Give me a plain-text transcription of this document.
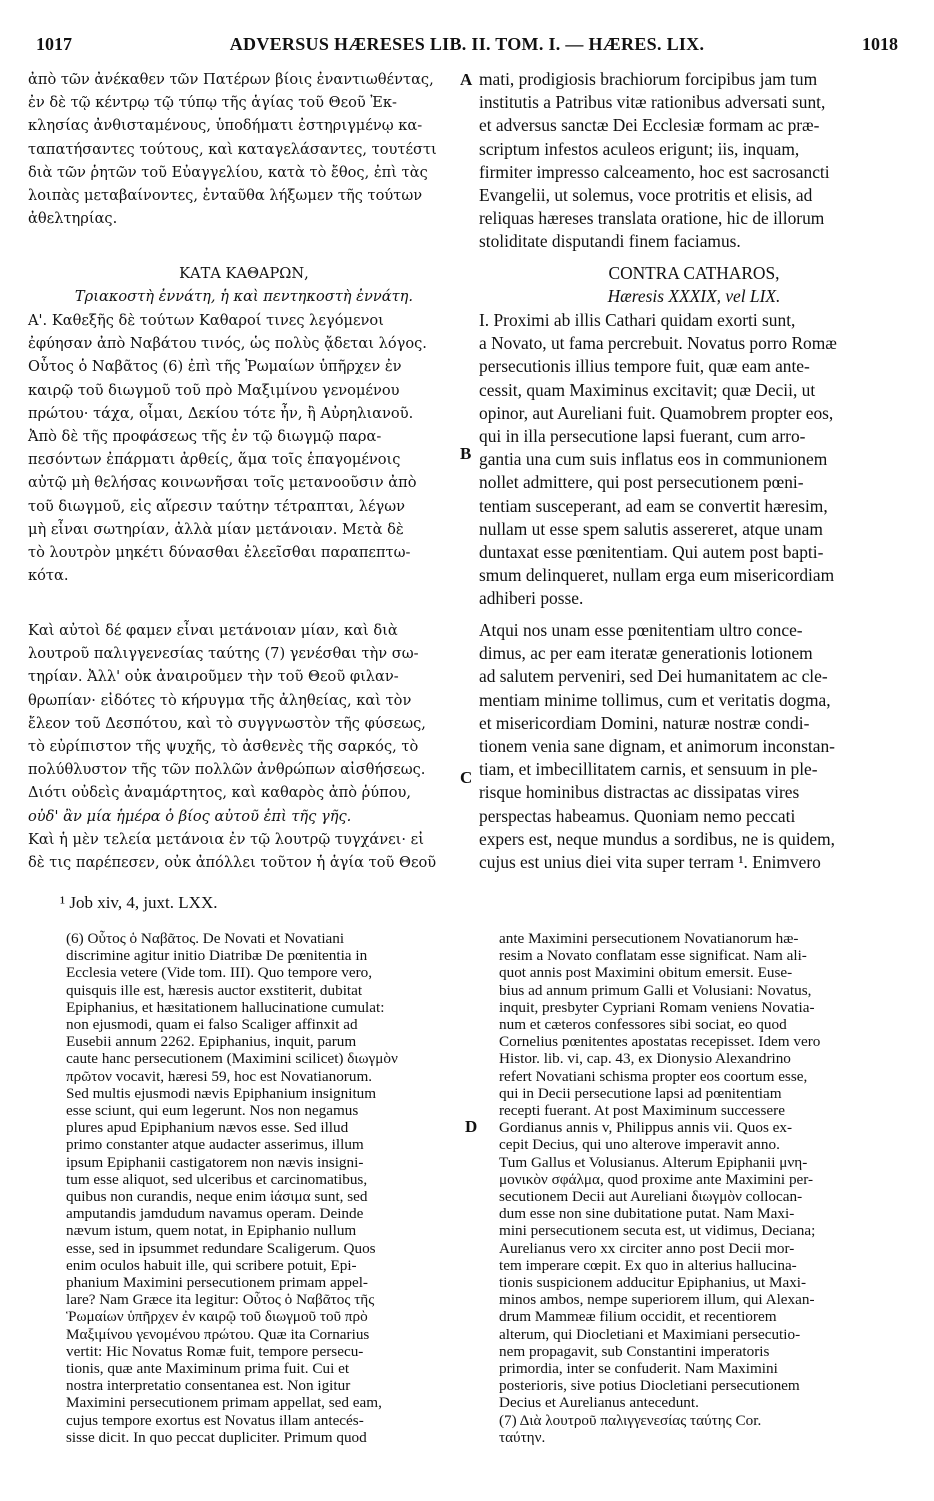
1017	ADVERSUS HÆRESES LIB. II. TOM. I. — HÆRES. LIX.	1018
A
B
C
D
ἀπὸ τῶν ἀνέκαθεν τῶν Πατέρων βίοις ἐναντιωθέντας,
ἐν δὲ τῷ κέντρῳ τῷ τύπῳ τῆς ἁγίας τοῦ Θεοῦ Ἐκ-
κλησίας ἀνθισταμένους, ὑποδήματι ἐστηριγμένῳ κα-
ταπατήσαντες τούτους, καὶ καταγελάσαντες, τουτέστι
διὰ τῶν ῥητῶν τοῦ Εὐαγγελίου, κατὰ τὸ ἔθος, ἐπὶ τὰς
λοιπὰς μεταβαίνοντες, ἐνταῦθα λήξωμεν τῆς τούτων
ἀθελτηρίας.
ΚΑΤΑ ΚΑΘΑΡΩΝ,
Τριακοστὴ ἐννάτη, ἡ καὶ πεντηκοστὴ ἐννάτη.
Α'. Καθεξῆς δὲ τούτων Καθαροί τινες λεγόμενοι
ἐφύησαν ἀπὸ Ναβάτου τινός, ὡς πολὺς ᾄδεται λόγος.
Οὗτος ὁ Ναβᾶτος (6) ἐπὶ τῆς Ῥωμαίων ὑπῆρχεν ἐν
καιρῷ τοῦ διωγμοῦ τοῦ πρὸ Μαξιμίνου γενομένου
πρώτου· τάχα, οἶμαι, Δεκίου τότε ἦν, ἢ Αὐρηλιανοῦ.
Ἀπὸ δὲ τῆς προφάσεως τῆς ἐν τῷ διωγμῷ παρα-
πεσόντων ἐπάρματι ἀρθείς, ἅμα τοῖς ἑπαγομένοις
αὐτῷ μὴ θελήσας κοινωνῆσαι τοῖς μετανοοῦσιν ἀπὸ
τοῦ διωγμοῦ, εἰς αἵρεσιν ταύτην τέτραπται, λέγων
μὴ εἶναι σωτηρίαν, ἀλλὰ μίαν μετάνοιαν. Μετὰ δὲ
τὸ λουτρὸν μηκέτι δύνασθαι ἐλεεῖσθαι παραπεπτω-
κότα.
Καὶ αὐτοὶ δέ φαμεν εἶναι μετάνοιαν μίαν, καὶ διὰ
λουτροῦ παλιγγενεσίας ταύτης (7) γενέσθαι τὴν σω-
τηρίαν. Ἀλλ' οὐκ ἀναιροῦμεν τὴν τοῦ Θεοῦ φιλαν-
θρωπίαν· εἰδότες τὸ κήρυγμα τῆς ἀληθείας, καὶ τὸν
ἔλεον τοῦ Δεσπότου, καὶ τὸ συγγνωστὸν τῆς φύσεως,
τὸ εὐρίπιστον τῆς ψυχῆς, τὸ ἀσθενὲς τῆς σαρκός, τὸ
πολύθλυστον τῆς τῶν πολλῶν ἀνθρώπων αἰσθήσεως.
Διότι οὐδεὶς ἀναμάρτητος, καὶ καθαρὸς ἀπὸ ῥύπου,
οὐδ' ἂν μία ἡμέρα ὁ βίος αὐτοῦ ἐπὶ τῆς γῆς.
Καὶ ἡ μὲν τελεία μετάνοια ἐν τῷ λουτρῷ τυγχάνει· εἰ
δὲ τις παρέπεσεν, οὐκ ἀπόλλει τοῦτον ἡ ἁγία τοῦ Θεοῦ
mati, prodigiosis brachiorum forcipibus jam tum
institutis a Patribus vitæ rationibus adversati sunt,
et adversus sanctæ Dei Ecclesiæ formam ac præ-
scriptum infestos aculeos erigunt; iis, inquam,
firmiter impresso calceamento, hoc est sacrosancti
Evangelii, ut solemus, voce protritis et elisis, ad
reliquas hæreses translata oratione, hic de illorum
stoliditate disputandi finem faciamus.
CONTRA CATHAROS,
Hæresis XXXIX, vel LIX.
I. Proximi ab illis Cathari quidam exorti sunt,
a Novato, ut fama percrebuit. Novatus porro Romæ
persecutionis illius tempore fuit, quæ eam ante-
cessit, quam Maximinus excitavit; quæ Decii, ut
opinor, aut Aureliani fuit. Quamobrem propter eos,
qui in illa persecutione lapsi fuerant, cum arro-
gantia una cum suis inflatus eos in communionem
nollet admittere, qui post persecutionem pœni-
tentiam susceperant, ad eam se convertit hæresim,
nullam ut esse spem salutis assereret, atque unam
duntaxat esse pœnitentiam. Qui autem post bapti-
smum delinqueret, nullam erga eum misericordiam
adhiberi posse.
Atqui nos unam esse pœnitentiam ultro conce-
dimus, ac per eam iteratæ generationis lotionem
ad salutem perveniri, sed Dei humanitatem ac cle-
mentiam minime tollimus, cum et veritatis dogma,
et misericordiam Domini, naturæ nostræ condi-
tionem venia sane dignam, et animorum inconstan-
tiam, et imbecillitatem carnis, et sensuum in ple-
risque hominibus distractas ac dissipatas vires
perspectas habeamus. Quoniam nemo peccati
expers est, neque mundus a sordibus, ne is quidem,
cujus est unius diei vita super terram ¹. Enimvero
¹ Job xiv, 4, juxt. LXX.
(6) Οὗτος ὁ Ναβᾶτος. De Novati et Novatiani
discrimine agitur initio Diatribæ De pœnitentia in
Ecclesia vetere (Vide tom. III). Quo tempore vero,
quisquis ille est, hæresis auctor exstiterit, dubitat
Epiphanius, et hæsitationem hallucinatione cumulat:
non ejusmodi, quam ei falso Scaliger affinxit ad
Eusebii annum 2262. Epiphanius, inquit, parum
caute hanc persecutionem (Maximini scilicet) διωγμὸν
πρῶτον vocavit, hæresi 59, hoc est Novatianorum.
Sed multis ejusmodi nævis Epiphanium insignitum
esse sciunt, qui eum legerunt. Nos non negamus
plures apud Epiphanium nævos esse. Sed illud
primo constanter atque audacter asserimus, illum
ipsum Epiphanii castigatorem non nævis insigni-
tum esse aliquot, sed ulceribus et carcinomatibus,
quibus non curandis, neque enim ἰάσιμα sunt, sed
amputandis jamdudum navamus operam. Deinde
nævum istum, quem notat, in Epiphanio nullum
esse, sed in ipsummet redundare Scaligerum. Quos
enim oculos habuit ille, qui scribere potuit, Epi-
phanium Maximini persecutionem primam appel-
lare? Nam Græce ita legitur: Οὗτος ὁ Ναβᾶτος τῆς
Ῥωμαίων ὑπῆρχεν ἐν καιρῷ τοῦ διωγμοῦ τοῦ πρὸ
Μαξιμίνου γενομένου πρώτου. Quæ ita Cornarius
vertit: Hic Novatus Romæ fuit, tempore persecu-
tionis, quæ ante Maximinum prima fuit. Cui et
nostra interpretatio consentanea est. Non igitur
Maximini persecutionem primam appellat, sed eam,
cujus tempore exortus est Novatus illam antecés-
sisse dicit. In quo peccat dupliciter. Primum quod
ante Maximini persecutionem Novatianorum hæ-
resim a Novato conflatam esse significat. Nam ali-
quot annis post Maximini obitum emersit. Euse-
bius ad annum primum Galli et Volusiani: Novatus,
inquit, presbyter Cypriani Romam veniens Novatia-
num et cæteros confessores sibi sociat, eo quod
Cornelius pœnitentes apostatas recepisset. Idem vero
Histor. lib. vi, cap. 43, ex Dionysio Alexandrino
refert Novatiani schisma propter eos coortum esse,
qui in Decii persecutione lapsi ad pœnitentiam
recepti fuerant. At post Maximinum successere
Gordianus annis v, Philippus annis vii. Quos ex-
cepit Decius, qui uno alterove imperavit anno.
Tum Gallus et Volusianus. Alterum Epiphanii μνη-
μονικὸν σφάλμα, quod proxime ante Maximini per-
secutionem Decii aut Aureliani διωγμὸν collocan-
dum esse non sine dubitatione putat. Nam Maxi-
mini persecutionem secuta est, ut vidimus, Deciana;
Aurelianus vero xx circiter anno post Decii mor-
tem imperare cœpit. Ex quo in alterius hallucina-
tionis suspicionem adducitur Epiphanius, ut Maxi-
minos ambos, nempe superiorem illum, qui Alexan-
drum Mammeæ filium occidit, et recentiorem
alterum, qui Diocletiani et Maximiani persecutio-
nem propagavit, sub Constantini imperatoris
primordia, inter se confuderit. Nam Maximini
posterioris, sive potius Diocletiani persecutionem
Decius et Aurelianus antecedunt.
(7) Διὰ λουτροῦ παλιγγενεσίας ταύτης Cor.
ταύτην.
